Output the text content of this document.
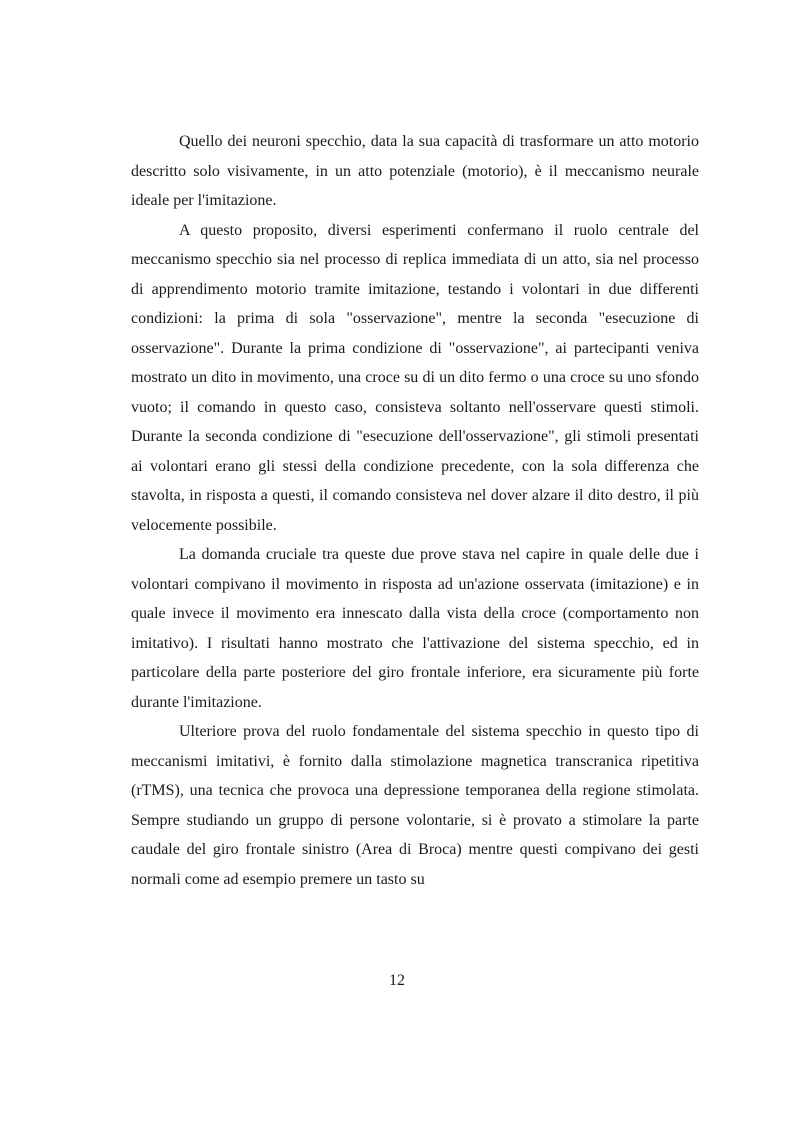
Quello dei neuroni specchio, data la sua capacità di trasformare un atto motorio descritto solo visivamente, in un atto potenziale (motorio), è il meccanismo neurale ideale per l'imitazione.

A questo proposito, diversi esperimenti confermano il ruolo centrale del meccanismo specchio sia nel processo di replica immediata di un atto, sia nel processo di apprendimento motorio tramite imitazione, testando i volontari in due differenti condizioni: la prima di sola "osservazione", mentre la seconda "esecuzione di osservazione". Durante la prima condizione di "osservazione", ai partecipanti veniva mostrato un dito in movimento, una croce su di un dito fermo o una croce su uno sfondo vuoto; il comando in questo caso, consisteva soltanto nell'osservare questi stimoli. Durante la seconda condizione di "esecuzione dell'osservazione", gli stimoli presentati ai volontari erano gli stessi della condizione precedente, con la sola differenza che stavolta, in risposta a questi, il comando consisteva nel dover alzare il dito destro, il più velocemente possibile.

La domanda cruciale tra queste due prove stava nel capire in quale delle due i volontari compivano il movimento in risposta ad un'azione osservata (imitazione) e in quale invece il movimento era innescato dalla vista della croce (comportamento non imitativo). I risultati hanno mostrato che l'attivazione del sistema specchio, ed in particolare della parte posteriore del giro frontale inferiore, era sicuramente più forte durante l'imitazione.

Ulteriore prova del ruolo fondamentale del sistema specchio in questo tipo di meccanismi imitativi, è fornito dalla stimolazione magnetica transcranica ripetitiva (rTMS), una tecnica che provoca una depressione temporanea della regione stimolata. Sempre studiando un gruppo di persone volontarie, si è provato a stimolare la parte caudale del giro frontale sinistro (Area di Broca) mentre questi compivano dei gesti normali come ad esempio premere un tasto su

12
